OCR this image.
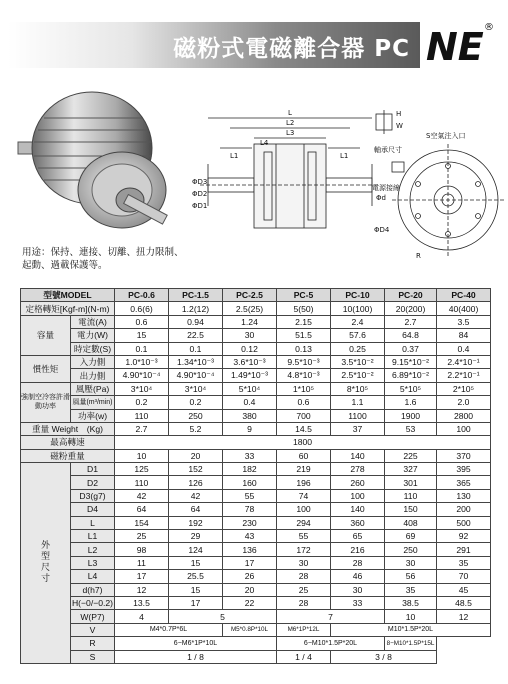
磁粉式電磁離合器 PC NE ®
用途：保持、連接、切離、扭力限制、起動、過載保護等。
L
L2
L3
L4
L1	L1
ΦD3
ΦD2
ΦD1
Φd
H
W
S空氣注入口
軸承尺寸
電源接線
ΦD4
R
型號MODEL		PC-0.6	PC-1.5	PC-2.5	PC-5	PC-10	PC-20	PC-40
定格轉矩[Kgf-m](N-m)		0.6(6)	1.2(12)	2.5(25)	5(50)	10(100)	20(200)	40(400)
容量	電流(A)	0.6	0.94	1.24	2.15	2.4	2.7	3.5
	電力(W)	15	22.5	30	51.5	57.6	64.8	84
	時定數(S)	0.1	0.1	0.12	0.13	0.25	0.37	0.4
慣性矩	入力側	1.0*10⁻³	1.34*10⁻³	3.6*10⁻³	9.5*10⁻³	3.5*10⁻²	9.15*10⁻²	2.4*10⁻¹
	出力側	4.90*10⁻⁴	4.90*10⁻⁴	1.49*10⁻³	4.8*10⁻³	2.5*10⁻²	6.89*10⁻²	2.2*10⁻¹
強制空冷容許滑動功率	風壓(Pa)	3*10⁴	3*10⁴	5*10⁴	1*10⁵	8*10⁵	5*10⁵	2*10⁵
	風量(m³/min)	0.2	0.2	0.4	0.6	1.1	1.6	2.0
	功率(w)	110	250	380	700	1100	1900	2800
重量 Weight　(Kg)		2.7	5.2	9	14.5	37	53	100
最高轉速		1800						
磁粉重量		10	20	33	60	140	225	370
外型尺寸	D1	125	152	182	219	278	327	395
	D2	110	126	160	196	260	301	365
	D3(g7)	42	42	55	74	100	110	130
	D4	64	64	78	100	140	150	200
	L	154	192	230	294	360	408	500
	L1	25	29	43	55	65	69	92
	L2	98	124	136	172	216	250	291
	L3	11	15	17	30	28	30	35
	L4	17	25.5	26	28	46	56	70
	d(h7)	12	15	20	25	30	35	45
	H(−0/−0.2)	13.5	17	22	28	33	38.5	48.5
	W(P7)	4	5		7		10	12
	V	M4*0.7P*6L		M5*0.8P*10L	M6*1P*12L	M10*1.5P*20L		
	R	6−M6*1P*10L			6−M10*1.5P*20L		8−M10*1.5P*15L	
	S	1 / 8			1 / 4	3 / 8		
